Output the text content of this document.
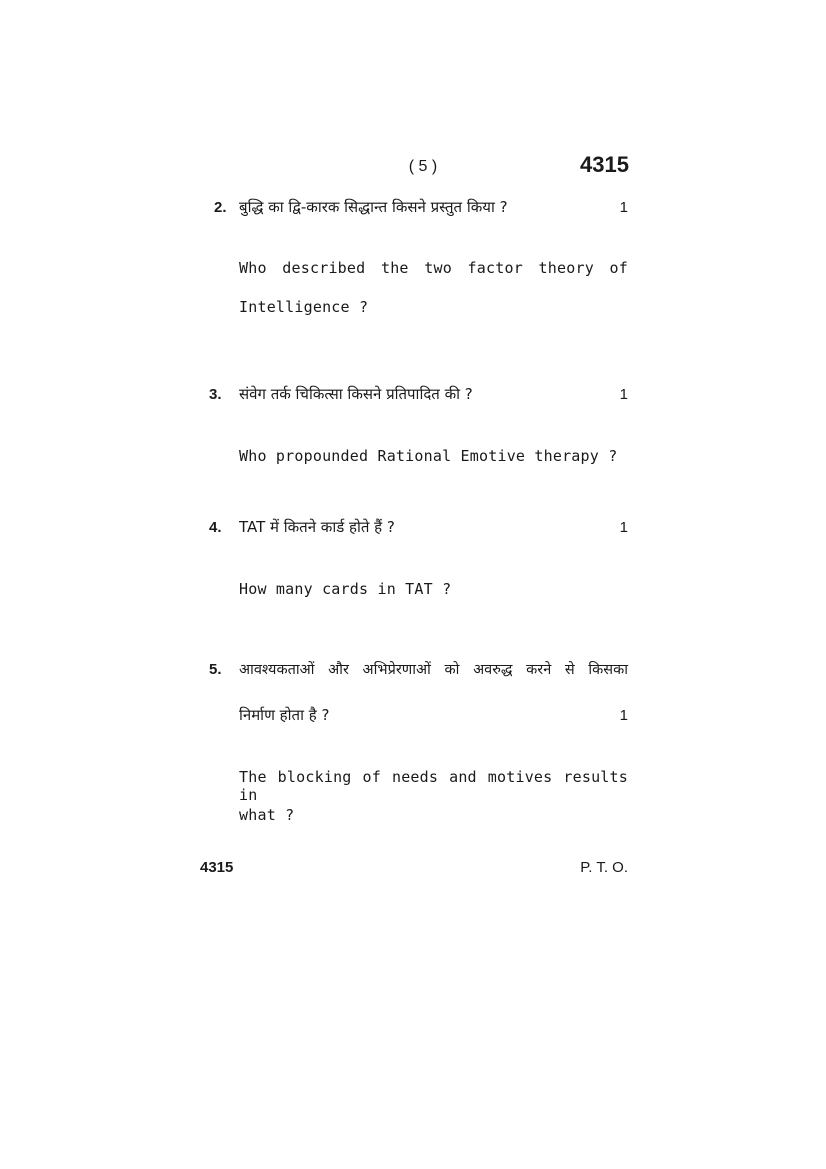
( 5 )	4315
2. बुद्धि का द्वि-कारक सिद्धान्त किसने प्रस्तुत किया ?	1
Who described the two factor theory of
Intelligence ?
3. संवेग तर्क चिकित्सा किसने प्रतिपादित की ?	1
Who propounded Rational Emotive therapy ?
4. TAT में कितने कार्ड होते हैं ?	1
How many cards in TAT ?
5. आवश्यकताओं और अभिप्रेरणाओं को अवरुद्ध करने से किसका
निर्माण होता है ?	1
The blocking of needs and motives results in
what ?
4315	P. T. O.
